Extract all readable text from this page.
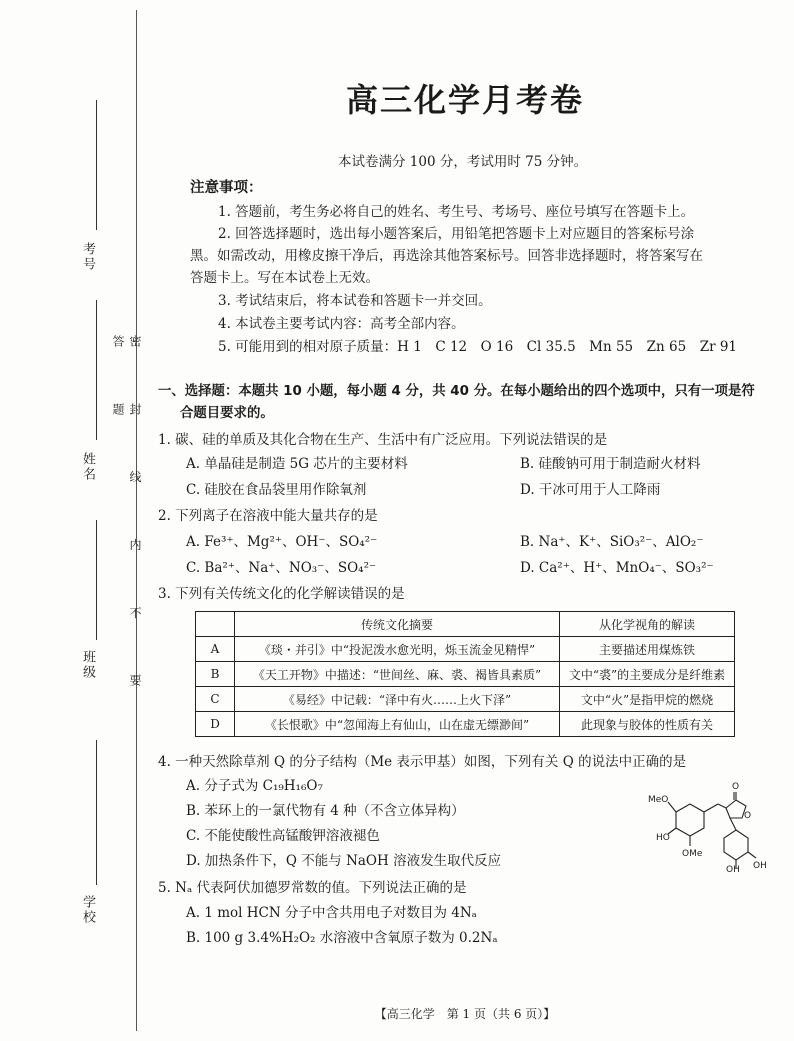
考号
姓名
班级
学校
密 封 线 内 不 要 答 题
高三化学月考卷
本试卷满分 100 分，考试用时 75 分钟。
注意事项：
1. 答题前，考生务必将自己的姓名、考生号、考场号、座位号填写在答题卡上。
2. 回答选择题时，选出每小题答案后，用铅笔把答题卡上对应题目的答案标号涂
黑。如需改动，用橡皮擦干净后，再选涂其他答案标号。回答非选择题时，将答案写在
答题卡上。写在本试卷上无效。
3. 考试结束后，将本试卷和答题卡一并交回。
4. 本试卷主要考试内容：高考全部内容。
5. 可能用到的相对原子质量：H 1　C 12　O 16　Cl 35.5　Mn 55　Zn 65　Zr 91
一、选择题：本题共 10 小题，每小题 4 分，共 40 分。在每小题给出的四个选项中，只有一项是符
合题目要求的。
1. 碳、硅的单质及其化合物在生产、生活中有广泛应用。下列说法错误的是
A. 单晶硅是制造 5G 芯片的主要材料	B. 硅酸钠可用于制造耐火材料
C. 硅胶在食品袋里用作除氧剂	D. 干冰可用于人工降雨
2. 下列离子在溶液中能大量共存的是
A. Fe³⁺、Mg²⁺、OH⁻、SO₄²⁻	B. Na⁺、K⁺、SiO₃²⁻、AlO₂⁻
C. Ba²⁺、Na⁺、NO₃⁻、SO₄²⁻	D. Ca²⁺、H⁺、MnO₄⁻、SO₃²⁻
3. 下列有关传统文化的化学解读错误的是
	传统文化摘要	从化学视角的解读
A	《琰・并引》中“投泥泼水愈光明，烁玉流金见精悍”	主要描述用煤炼铁
B	《天工开物》中描述：“世间丝、麻、裘、褐皆具素质”	文中“裘”的主要成分是纤维素
C	《易经》中记载：“泽中有火……上火下泽”	文中“火”是指甲烷的燃烧
D	《长恨歌》中“忽闻海上有仙山，山在虚无缥渺间”	此现象与胶体的性质有关
4. 一种天然除草剂 Q 的分子结构（Me 表示甲基）如图，下列有关 Q 的说法中正确的是
A. 分子式为 C₁₉H₁₆O₇
B. 苯环上的一氯代物有 4 种（不含立体异构）
C. 不能使酸性高锰酸钾溶液褪色
D. 加热条件下，Q 不能与 NaOH 溶液发生取代反应
MeO
HO
OMe
O
O
OH
OH
5. Nₐ 代表阿伏加德罗常数的值。下列说法正确的是
A. 1 mol HCN 分子中含共用电子对数目为 4Nₐ
B. 100 g 3.4%H₂O₂ 水溶液中含氧原子数为 0.2Nₐ
【高三化学　第 1 页（共 6 页）】
